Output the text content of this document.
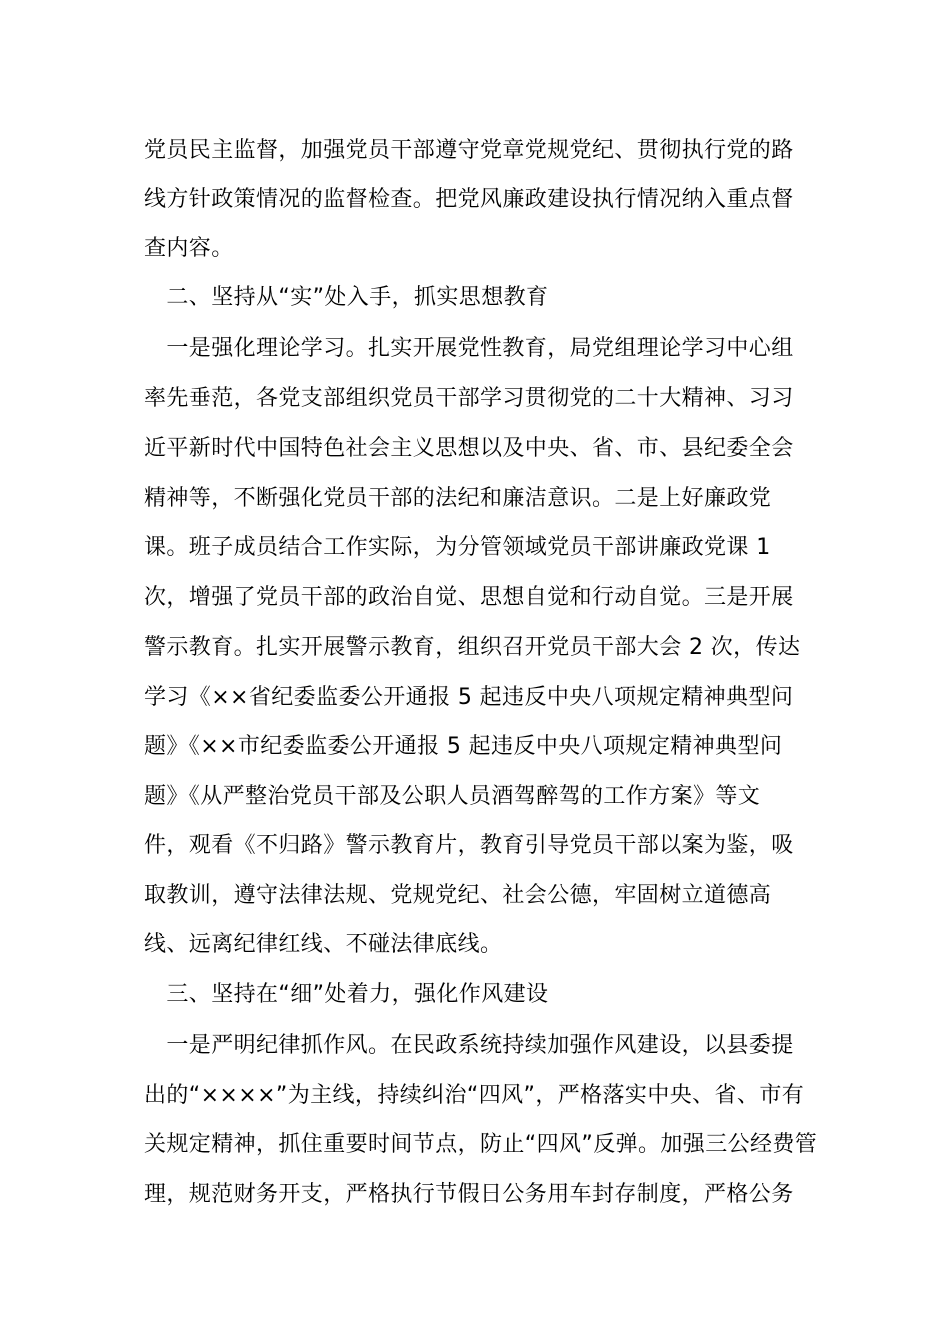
党员民主监督，加强党员干部遵守党章党规党纪、贯彻执行党的路
线方针政策情况的监督检查。把党风廉政建设执行情况纳入重点督
查内容。
　二、坚持从“实”处入手，抓实思想教育
　一是强化理论学习。扎实开展党性教育，局党组理论学习中心组
率先垂范，各党支部组织党员干部学习贯彻党的二十大精神、习习
近平新时代中国特色社会主义思想以及中央、省、市、县纪委全会
精神等，不断强化党员干部的法纪和廉洁意识。二是上好廉政党
课。班子成员结合工作实际，为分管领域党员干部讲廉政党课 1
次，增强了党员干部的政治自觉、思想自觉和行动自觉。三是开展
警示教育。扎实开展警示教育，组织召开党员干部大会 2 次，传达
学习《××省纪委监委公开通报 5 起违反中央八项规定精神典型问
题》《××市纪委监委公开通报 5 起违反中央八项规定精神典型问
题》《从严整治党员干部及公职人员酒驾醉驾的工作方案》等文
件，观看《不归路》警示教育片，教育引导党员干部以案为鉴，吸
取教训，遵守法律法规、党规党纪、社会公德，牢固树立道德高
线、远离纪律红线、不碰法律底线。
　三、坚持在“细”处着力，强化作风建设
　一是严明纪律抓作风。在民政系统持续加强作风建设，以县委提
出的“××××”为主线，持续纠治“四风”，严格落实中央、省、市有
关规定精神，抓住重要时间节点，防止“四风”反弹。加强三公经费管
理，规范财务开支，严格执行节假日公务用车封存制度，严格公务
